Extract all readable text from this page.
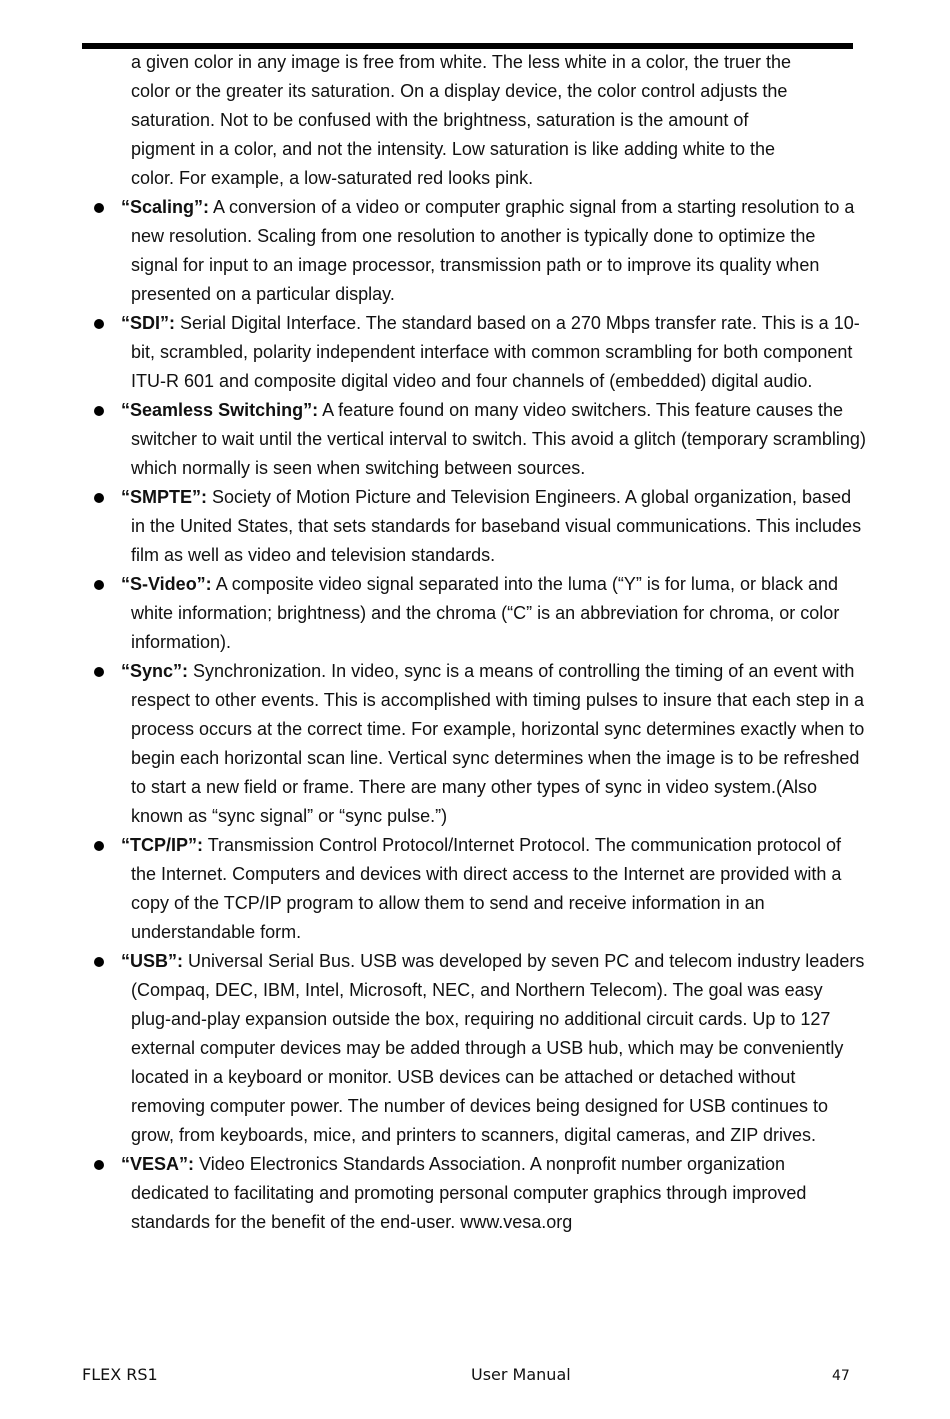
a given color in any image is free from white. The less white in a color, the truer the
color or the greater its saturation. On a display device, the color control adjusts the
saturation. Not to be confused with the brightness, saturation is the amount of
pigment in a color, and not the intensity. Low saturation is like adding white to the
color. For example, a low-saturated red looks pink.
“Scaling”: A conversion of a video or computer graphic signal from a starting resolution to a new resolution. Scaling from one resolution to another is typically done to optimize the signal for input to an image processor, transmission path or to improve its quality when presented on a particular display.
“SDI”: Serial Digital Interface. The standard based on a 270 Mbps transfer rate. This is a 10-bit, scrambled, polarity independent interface with common scrambling for both component ITU-R 601 and composite digital video and four channels of (embedded) digital audio.
“Seamless Switching”: A feature found on many video switchers. This feature causes the switcher to wait until the vertical interval to switch. This avoid a glitch (temporary scrambling) which normally is seen when switching between sources.
“SMPTE”: Society of Motion Picture and Television Engineers. A global organization, based in the United States, that sets standards for baseband visual communications. This includes film as well as video and television standards.
“S-Video”: A composite video signal separated into the luma (“Y” is for luma, or black and white information; brightness) and the chroma (“C” is an abbreviation for chroma, or color information).
“Sync”: Synchronization. In video, sync is a means of controlling the timing of an event with respect to other events. This is accomplished with timing pulses to insure that each step in a process occurs at the correct time. For example, horizontal sync determines exactly when to begin each horizontal scan line. Vertical sync determines when the image is to be refreshed to start a new field or frame. There are many other types of sync in video system.(Also known as “sync signal” or “sync pulse.”)
“TCP/IP”: Transmission Control Protocol/Internet Protocol. The communication protocol of the Internet. Computers and devices with direct access to the Internet are provided with a copy of the TCP/IP program to allow them to send and receive information in an understandable form.
“USB”: Universal Serial Bus. USB was developed by seven PC and telecom industry leaders (Compaq, DEC, IBM, Intel, Microsoft, NEC, and Northern Telecom). The goal was easy plug-and-play expansion outside the box, requiring no additional circuit cards. Up to 127 external computer devices may be added through a USB hub, which may be conveniently located in a keyboard or monitor. USB devices can be attached or detached without removing computer power. The number of devices being designed for USB continues to grow, from keyboards, mice, and printers to scanners, digital cameras, and ZIP drives.
“VESA”: Video Electronics Standards Association. A nonprofit number organization dedicated to facilitating and promoting personal computer graphics through improved standards for the benefit of the end-user. www.vesa.org
FLEX RS1	User Manual	47
